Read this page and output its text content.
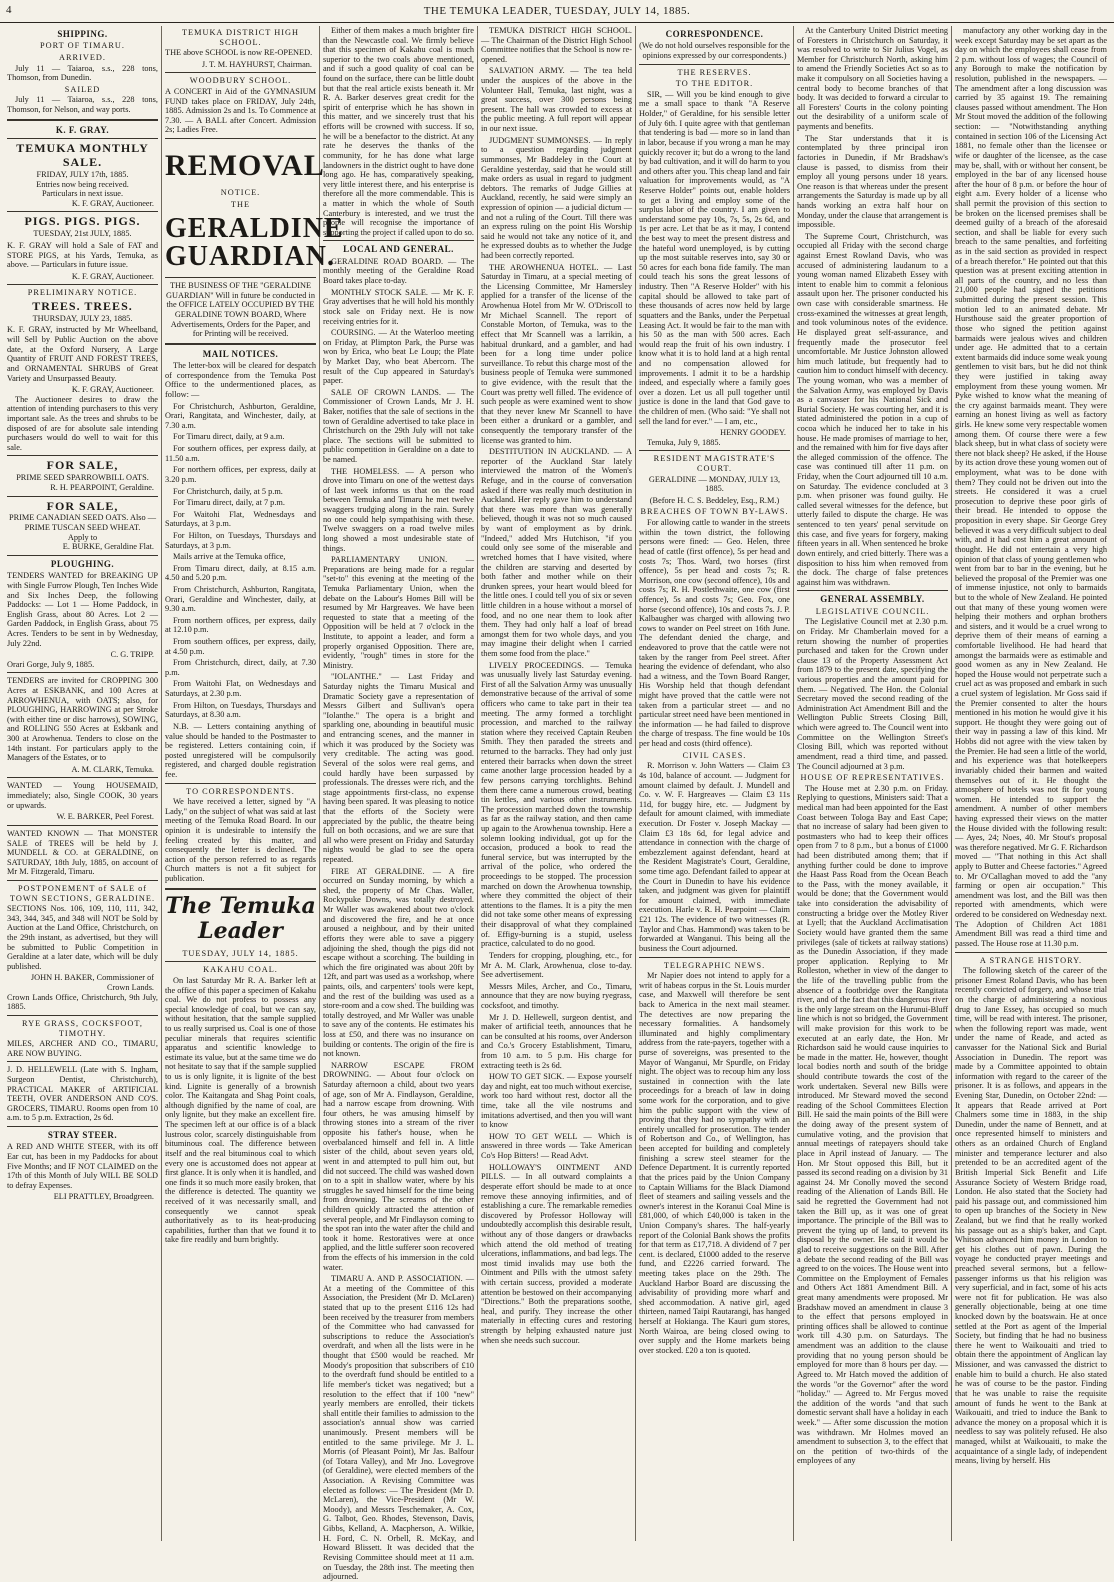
4	THE TEMUKA LEADER, TUESDAY, JULY 14, 1885.
SHIPPING.
PORT OF TIMARU.
ARRIVED.

July 11 — Taiaroa, s.s., 228 tons, Thomson, from Dunedin.

SAILED

July 11 — Taiaroa, s.s., 228 tons, Thomson, for Nelson, and way ports.

K. F. GRAY.
TEMUKA MONTHLY SALE.
FRIDAY, JULY 17th, 1885.
Entries now being received.
Particulars in next issue.
K. F. GRAY, Auctioneer.
PIGS. PIGS. PIGS.
TUESDAY, 21st JULY, 1885.

K. F. GRAY will hold a Sale of FAT and STORE PIGS, at his Yards, Temuka, as above. — Particulars in future issue.

K. F. GRAY, Auctioneer.
PRELIMINARY NOTICE.
TREES. TREES.
THURSDAY, JULY 23, 1885.

K. F. GRAY, instructed by Mr Wheelband, will Sell by Public Auction on the above date, at the Oxford Nursery, A Large Quantity of FRUIT AND FOREST TREES, and ORNAMENTAL SHRUBS of Great Variety and Unsurpassed Beauty.

K. F. GRAY, Auctioneer.

The Auctioneer desires to draw the attention of intending purchasers to this very important sale. As the trees and shrubs to be disposed of are for absolute sale intending purchasers would do well to wait for this sale.

FOR SALE,
PRIME SEED SPARROWBILL OATS.
R. H. PEARPOINT, Geraldine.
FOR SALE,
PRIME CANADIAN SEED OATS. Also — PRIME TUSCAN SEED WHEAT.
Apply to
E. BURKE, Geraldine Flat.
PLOUGHING.

TENDERS WANTED for BREAKING UP with Single Furrow Plough, Ten Inches Wide and Six Inches Deep, the following Paddocks: — Lot 1 — Home Paddock, in English Grass, about 80 Acres. Lot 2 — Garden Paddock, in English Grass, about 75 Acres. Tenders to be sent in by Wednesday, July 22nd.

C. G. TRIPP.

Orari Gorge, July 9, 1885.

TENDERS are invited for CROPPING 300 Acres at ESKBANK, and 100 Acres at ARROWHENUA, with OATS; also, for PLOUGHING, HARROWING at per Stroke (with either tine or disc harrows), SOWING, and ROLLING 550 Acres at Eskbank and 300 at Arowhenua. Tenders to close on the 14th instant. For particulars apply to the Managers of the Estates, or to

A. M. CLARK, Temuka.

WANTED — Young HOUSEMAID, immediately; also, Single COOK, 30 years or upwards.

W. E. BARKER, Peel Forest.

WANTED KNOWN — That MONSTER SALE of TREES will be held by J. MUNDELL & CO. at GERALDINE, on SATURDAY, 18th July, 1885, on account of Mr M. Fitzgerald, Timaru.

POSTPONEMENT of SALE of TOWN SECTIONS, GERALDINE.

SECTIONS Nos. 106, 109, 110, 111, 342, 343, 344, 345, and 348 will NOT be Sold by Auction at the Land Office, Christchurch, on the 29th instant, as advertised, but they will be submitted to Public Competition in Geraldine at a later date, which will be duly published.

JOHN H. BAKER, Commissioner of Crown Lands.

Crown Lands Office, Christchurch, 9th July, 1885.

RYE GRASS, COCKSFOOT, TIMOTHY.

MILES, ARCHER AND CO., TIMARU, ARE NOW BUYING.

J. D. HELLEWELL (Late with S. Ingham, Surgeon Dentist, Christchurch), PRACTICAL MAKER of ARTIFICIAL TEETH, OVER ANDERSON AND CO'S. GROCERS, TIMARU. Rooms open from 10 a.m. to 5 p.m. Extraction, 2s 6d.

STRAY STEER.

A RED AND WHITE STEER, with its off Ear cut, has been in my Paddocks for about Five Months; and IF NOT CLAIMED on the 17th of this Month of July WILL BE SOLD to defray Expenses.

ELI PRATTLEY, Broadgreen.
TEMUKA DISTRICT HIGH SCHOOL.

THE above SCHOOL is now RE-OPENED.

J. T. M. HAYHURST, Chairman.
WOODBURY SCHOOL.

A CONCERT in Aid of the GYMNASIUM FUND takes place on FRIDAY, July 24th, 1885. Admission 2s and 1s. To Commence at 7.30. — A BALL after Concert. Admission 2s; Ladies Free.

REMOVAL
NOTICE.
THE
GERALDINE GUARDIAN.

THE BUSINESS OF THE "GERALDINE GUARDIAN" Will in future be conducted in the OFFICE LATELY OCCUPIED BY THE GERALDINE TOWN BOARD, Where Advertisements, Orders for the Paper, and for Printing will be received.

MAIL NOTICES.

The letter-box will be cleared for despatch of correspondence from the Temuka Post Office to the undermentioned places, as follow: —

For Christchurch, Ashburton, Geraldine, Orari, Rangitata, and Winchester, daily, at 7.30 a.m.

For Timaru direct, daily, at 9 a.m.

For southern offices, per express daily, at 11.50 a.m.

For northern offices, per express, daily at 3.20 p.m.

For Christchurch, daily, at 5 p.m.

For Timaru direct, daily, at 7 p.m.

For Waitohi Flat, Wednesdays and Saturdays, at 3 p.m.

For Hilton, on Tuesdays, Thursdays and Saturdays, at 3 p.m.

Mails arrive at the Temuka office,

From Timaru direct, daily, at 8.15 a.m. 4.50 and 5.20 p.m.

From Christchurch, Ashburton, Rangitata, Orari, Geraldine and Winchester, daily, at 9.30 a.m.

From northern offices, per express, daily at 12.10 p.m.

From southern offices, per express, daily, at 4.50 p.m.

From Christchurch, direct, daily, at 7.30 p.m.

From Waitohi Flat, on Wednesdays and Saturdays, at 2.30 p.m.

From Hilton, on Tuesdays, Thursdays and Saturdays, at 8.30 a.m.

N.B. — Letters containing anything of value should be handed to the Postmaster to be registered. Letters containing coin, if posted unregistered will be compulsorily registered, and charged double registration fee.

TO CORRESPONDENTS.

We have received a letter, signed by "A Lady," on the subject of what was said at last meeting of the Temuka Road Board. In our opinion it is undesirable to intensify the feeling created by this matter, and consequently the letter is declined. The action of the person referred to as regards Church matters is not a fit subject for publication.

The Temuka Leader
TUESDAY, JULY 14, 1885.
KAKAHU COAL.

On last Saturday Mr R. A. Barker left at the office of this paper a specimen of Kakahu coal. We do not profess to possess any special knowledge of coal, but we can say, without hesitation, that the sample supplied to us really surprised us. Coal is one of those peculiar minerals that requires scientific apparatus and scientific knowledge to estimate its value, but at the same time we do not hesitate to say that if the sample supplied to us is only lignite, it is lignite of the best kind. Lignite is generally of a brownish color. The Kaitangata and Shag Point coals, although dignified by the name of coal, are only lignite, but they make an excellent fire. The specimen left at our office is of a black lustrous color, scarcely distinguishable from bituminous coal. The difference between itself and the real bituminous coal to which every one is accustomed does not appear at first glance. It is only when it is handled, and one finds it so much more easily broken, that the difference is detected. The quantity we received of it was necessarily small, and consequently we cannot speak authoritatively as to its heat-producing capabilities, further than that we found it to take fire readily and burn brightly.

Either of them makes a much brighter fire than the Newcastle coal. We firmly believe that this specimen of Kakahu coal is much superior to the two coals above mentioned, and if such a good quality of coal can be found on the surface, there can be little doubt but that the real article exists beneath it. Mr R. A. Barker deserves great credit for the spirit of enterprise which he has shown in this matter, and we sincerely trust that his efforts will be crowned with success. If so, he will be a benefactor to the district. At any rate he deserves the thanks of the community, for he has done what large landowners in the district ought to have done long ago. He has, comparatively speaking, very little interest there, and his enterprise is therefore all the more commendable. This is a matter in which the whole of South Canterbury is interested, and we trust the people will recognise the importance of supporting the project if called upon to do so.

LOCAL AND GENERAL.

GERALDINE ROAD BOARD. — The monthly meeting of the Geraldine Road Board takes place to-day.

MONTHLY STOCK SALE. — Mr K. F. Gray advertises that he will hold his monthly stock sale on Friday next. He is now receiving entries for it.

COURSING. — At the Waterloo meeting on Friday, at Plimpton Park, the Purse was won by Erica, who beat Le Loup; the Plate by Market Day, who beat Abercorn. The result of the Cup appeared in Saturday's paper.

SALE OF CROWN LANDS. — The Commissioner of Crown Lands, Mr J. H. Baker, notifies that the sale of sections in the town of Geraldine advertised to take place in Christchurch on the 29th July will not take place. The sections will be submitted to public competition in Geraldine on a date to be named.

THE HOMELESS. — A person who drove into Timaru on one of the wettest days of last week informs us that on the road between Temuka and Timaru he met twelve swaggers trudging along in the rain. Surely no one could help sympathising with these. Twelve swaggers on a road twelve miles long showed a most undesirable state of things.

PARLIAMENTARY UNION. — Preparations are being made for a regular "set-to" this evening at the meeting of the Temuka Parliamentary Union, when the debate on the Labour's Homes Bill will be resumed by Mr Hargreaves. We have been requested to state that a meeting of the Opposition will be held at 7 o'clock in the Institute, to appoint a leader, and form a properly organised Opposition. There are, evidently, "rough" times in store for the Ministry.

"IOLANTHE." — Last Friday and Saturday nights the Timaru Musical and Dramatic Society gave a representation of Messrs Gilbert and Sullivan's opera "Iolanthe." The opera is a bright and sparkling one, abounding in beautiful music and entrancing scenes, and the manner in which it was produced by the Society was very creditable. The acting was good. Several of the solos were real gems, and could hardly have been surpassed by professionals. The dresses were rich, and the stage appointments first-class, no expense having been spared. It was pleasing to notice that the efforts of the Society were appreciated by the public, the theatre being full on both occasions, and we are sure that all who were present on Friday and Saturday nights would be glad to see the opera repeated.

FIRE AT GERALDINE. — A fire occurred on Sunday morning, by which a shed, the property of Mr Chas. Waller, Rockypuke Downs, was totally destroyed. Mr Waller was awakened about two o'clock and discovered the fire, and he at once aroused a neighbour, and by their united efforts they were able to save a piggery adjoining the shed, though the pigs did not escape without a scorching. The building in which the fire originated was about 20ft by 12ft, and part was used as a workshop, where paints, oils, and carpenters' tools were kept, and the rest of the building was used as a store-room and a cow shed. The building was totally destroyed, and Mr Waller was unable to save any of the contents. He estimates his loss at £50, and there was no insurance on building or contents. The origin of the fire is not known.

NARROW ESCAPE FROM DROWNING. — About four o'clock on Saturday afternoon a child, about two years of age, son of Mr A. Findlayson, Geraldine, had a narrow escape from drowning. With four others, he was amusing himself by throwing stones into a stream of the river opposite his father's house, when he overbalanced himself and fell in. A little sister of the child, about seven years old, went in and attempted to pull him out, but did not succeed. The child was washed down on to a spit in shallow water, where by his struggles he saved himself for the time being from drowning. The screams of the other children quickly attracted the attention of several people, and Mr Findlayson coming to the spot ran into the water after the child and took it home. Restoratives were at once applied, and the little sufferer soon recovered from the effects of his immersion in the cold water.

TIMARU A. AND P. ASSOCIATION. — At a meeting of the Committee of this Association, the President (Mr D. McLaren) stated that up to the present £116 12s had been received by the treasurer from members of the Committee who had canvassed for subscriptions to reduce the Association's overdraft, and when all the lists were in he thought that £500 would be reached. Mr Moody's proposition that subscribers of £10 to the overdraft fund should be entitled to a life member's ticket was negatived; but a resolution to the effect that if 100 "new" yearly members are enrolled, their tickets shall entitle their families to admission to the association's annual show was carried unanimously. Present members will be entitled to the same privilege. Mr J. L. Morris (of Pleasant Point), Mr Jas. Balfour (of Totara Valley), and Mr Jno. Lovegrove (of Geraldine), were elected members of the Association. A Revising Committee was elected as follows: — The President (Mr D. McLaren), the Vice-President (Mr W. Moody), and Messrs Teschemaker, A. Cox, G. Talbot, Geo. Rhodes, Stevenson, Davis, Gibbs, Kelland, A. Macpherson, A. Wilkie, H. Ford, C. N. Orbell, R. McKay, and Howard Blissett. It was decided that the Revising Committee should meet at 11 a.m. on Tuesday, the 28th inst. The meeting then adjourned.

TEMUKA DISTRICT HIGH SCHOOL. — The Chairman of the District High School Committee notifies that the School is now re-opened.

SALVATION ARMY. — The tea held under the auspices of the above in the Volunteer Hall, Temuka, last night, was a great success, over 300 persons being present. The hall was crowded to excess at the public meeting. A full report will appear in our next issue.

JUDGMENT SUMMONSES. — In reply to a question regarding judgment summonses, Mr Baddeley in the Court at Geraldine yesterday, said that he would still make orders as usual in regard to judgment debtors. The remarks of Judge Gillies at Auckland, recently, he said were simply an expression of opinion — a judicial dictum — and not a ruling of the Court. Till there was an express ruling on the point His Worship said he would not take any notice of it, and he expressed doubts as to whether the Judge had been correctly reported.

THE AROWHENUA HOTEL. — Last Saturday in Timaru, at a special meeting of the Licensing Committee, Mr Hamersley applied for a transfer of the license of the Arowhenua Hotel from Mr W. O'Driscoll to Mr Michael Scannell. The report of Constable Morton, of Temuka, was to the effect that Mr Scannell was a larrikin, a habitual drunkard, and a gambler, and had been for a long time under police surveillance. To rebut this charge most of the business people of Temuka were summoned to give evidence, with the result that the Court was pretty well filled. The evidence of such people as were examined went to show that they never knew Mr Scannell to have been either a drunkard or a gambler, and consequently the temporary transfer of the license was granted to him.

DESTITUTION IN AUCKLAND. — A reporter of the Auckland Star lately interviewed the matron of the Women's Refuge, and in the course of conversation asked if there was really much destitution in Auckland. Her reply gave him to understand that there was more than was generally believed, though it was not so much caused by want of employment as by drink. "Indeed," added Mrs Hutchison, "if you could only see some of the miserable and wretched homes that I have visited, where the children are starving and deserted by both father and mother while on their drunken sprees, your heart would bleed for the little ones. I could tell you of six or seven little children in a house without a morsel of food, and no one near them to look after them. They had only half a loaf of bread amongst them for two whole days, and you may imagine their delight when I carried them some food from the place."

LIVELY PROCEEDINGS. — Temuka was unusually lively last Saturday evening. First of all the Salvation Army was unusually demonstrative because of the arrival of some officers who came to take part in their tea meeting. The army formed a torchlight procession, and marched to the railway station where they received Captain Reuben Smith. They then paraded the streets and returned to the barracks. They had only just entered their barracks when down the street came another large procession headed by a few persons carrying torchlights. Behind them there came a numerous crowd, beating tin kettles, and various other instruments. The procession marched down the township as far as the railway station, and then came up again to the Arowhenua township. Here a solemn looking individual, got up for the occasion, produced a book to read the funeral service, but was interrupted by the arrival of the police, who ordered the proceedings to be stopped. The procession marched on down the Arowhenua township, where they committed the object of their attentions to the flames. It is a pity the men did not take some other means of expressing their disapproval of what they complained of. Effigy-burning is a stupid, useless practice, calculated to do no good.

Tenders for cropping, ploughing, etc., for Mr A. M. Clark, Arowhenua, close to-day. See advertisement.

Messrs Miles, Archer, and Co., Timaru, announce that they are now buying ryegrass, cocksfoot, and timothy.

Mr J. D. Hellewell, surgeon dentist, and maker of artificial teeth, announces that he can be consulted at his rooms, over Anderson and Co.'s Grocery Establishment, Timaru, from 10 a.m. to 5 p.m. His charge for extracting teeth is 2s 6d.

HOW TO GET SICK. — Expose yourself day and night, eat too much without exercise, work too hard without rest, doctor all the time, take all the vile nostrums and imitations advertised, and then you will want to know

HOW TO GET WELL — Which is answered in three words — Take American Co's Hop Bitters! — Read Advt.

HOLLOWAY'S OINTMENT AND PILLS. — In all outward complaints a desperate effort should be made to at once remove these annoying infirmities, and of establishing a cure. The remarkable remedies discovered by Professor Holloway will undoubtedly accomplish this desirable result, without any of those dangers or drawbacks which attend the old method of treating ulcerations, inflammations, and bad legs. The most timid invalids may use both the Ointment and Pills with the utmost safety with certain success, provided a moderate attention be bestowed on their accompanying "Directions." Both the preparations soothe, heal, and purify. They increase the other materially in effecting cures and restoring strength by helping exhausted nature just when she needs such succour.

CORRESPONDENCE.

(We do not hold ourselves responsible for the opinions expressed by our correspondents.)

THE RESERVES.
TO THE EDITOR.

SIR, — Will you be kind enough to give me a small space to thank "A Reserve Holder," of Geraldine, for his sensible letter of July 6th. I quite agree with that gentleman that tendering is bad — more so in land than in labor, because if you wrong a man he may quickly recover it; but do a wrong to the land by bad cultivation, and it will do harm to you and others after you. This cheap land and fair valuation for improvements would, as "A Reserve Holder" points out, enable holders to get a living and employ some of the surplus labor of the country. I am given to understand some pay 10s, 7s, 5s, 2s 6d, and 1s per acre. Let that be as it may, I contend the best way to meet the present distress and the hateful word unemployed, is by cutting up the most suitable reserves into, say 30 or 50 acres for each bona fide family. The man could teach his sons the great lessons of industry. Then "A Reserve Holder" with his capital should be allowed to take part of these thousands of acres now held by large squatters and the Banks, under the Perpetual Leasing Act. It would be fair to the man with his 50 as the man with 500 acres. Each would reap the fruit of his own industry. I know what it is to hold land at a high rental and no compensation allowed for improvements. I admit it to be a hardship indeed, and especially where a family goes over a dozen. Let us all pull together until justice is done in the land that God gave to the children of men. (Who said: "Ye shall not sell the land for ever." — I am, etc.,

HENRY GOODEY.

Temuka, July 9, 1885.

RESIDENT MAGISTRATE'S COURT.

GERALDINE — MONDAY, JULY 13, 1885.

(Before H. C. S. Beddeley, Esq., R.M.)

BREACHES OF TOWN BY-LAWS.

For allowing cattle to wander in the streets within the town district, the following persons were fined: — Geo. Helen, three head of cattle (first offence), 5s per head and costs 7s; Thos. Ward, two horses (first offence), 5s per head and costs 7s; R. Morrison, one cow (second offence), 10s and costs 7s; R. H. Postlethwaite, one cow (first offence), 5s and costs 7s; Geo. Fox, one horse (second offence), 10s and costs 7s. J. P. Kalbaugher was charged with allowing two cows to wander on Peel street on 16th June. The defendant denied the charge, and endeavored to prove that the cattle were not taken by the ranger from Peel street. After hearing the evidence of defendant, who also had a witness, and the Town Board Ranger, His Worship held that though defendant might have proved that the cattle were not taken from a particular street — and no particular street need have been mentioned in the information — he had failed to disprove the charge of trespass. The fine would be 10s per head and costs (third offence).

CIVIL CASES.

R. Morrison v. John Watters — Claim £3 4s 10d, balance of account. — Judgment for amount claimed by default. J. Mundell and Co. v. W. F. Hargreaves — Claim £3 11s 11d, for buggy hire, etc. — Judgment by default for amount claimed, with immediate execution. Dr Foster v. Joseph Mackay — Claim £3 18s 6d, for legal advice and attendance in connection with the charge of embezzlement against defendant, heard at the Resident Magistrate's Court, Geraldine, some time ago. Defendant failed to appear at the Court in Dunedin to have his evidence taken, and judgment was given for plaintiff for amount claimed, with immediate execution. Harle v. R. H. Pearpoint — Claim £21 12s. The evidence of two witnesses (R. Taylor and Chas. Hammond) was taken to be forwarded at Wanganui. This being all the business the Court adjourned.

TELEGRAPHIC NEWS.

Mr Napier does not intend to apply for a writ of habeas corpus in the St. Louis murder case, and Maxwell will therefore be sent back to America in the next mail steamer. The detectives are now preparing the necessary formalities. A handsomely illuminated and highly complimentary address from the rate-payers, together with a purse of sovereigns, was presented to the Mayor of Wanganui, Mr Spurdle, on Friday night. The object was to recoup him any loss sustained in connection with the late proceedings for a breach of law in doing some work for the corporation, and to give him the public support with the view of proving that they had no sympathy with an entirely uncalled for prosecution. The tender of Robertson and Co., of Wellington, has been accepted for building and completely finishing a screw steel steamer for the Defence Department. It is currently reported that the prices paid by the Union Company to Captain Williams for the Black Diamond fleet of steamers and sailing vessels and the owner's interest in the Koranui Coal Mine is £81,000, of which £40,000 is taken in the Union Company's shares. The half-yearly report of the Colonial Bank shows the profits for that term as £17,718. A dividend of 7 per cent. is declared, £1000 added to the reserve fund, and £2226 carried forward. The meeting takes place on the 29th. The Auckland Harbor Board are discussing the advisability of providing more wharf and shed accommodation. A native girl, aged thirteen, named Taipi Rautarangi, has hanged herself at Hokianga. The Kauri gum stores, North Wairoa, are being closed owing to over supply and the Home markets being over stocked. £20 a ton is quoted.

At the Canterbury United District meeting of Foresters in Christchurch on Saturday, it was resolved to write to Sir Julius Vogel, as Member for Christchurch North, asking him to amend the Friendly Societies Act so as to make it compulsory on all Societies having a central body to become branches of that body. It was decided to forward a circular to all Foresters' Courts in the colony pointing out the desirability of a uniform scale of payments and benefits.

The Star understands that it is contemplated by three principal iron factories in Dunedin, if Mr Bradshaw's clause is passed, to dismiss from their employ all young persons under 18 years. One reason is that whereas under the present arrangements the Saturday is made up by all hands working an extra half hour on Monday, under the clause that arrangement is impossible.

The Supreme Court, Christchurch, was occupied all Friday with the second charge against Ernest Rowland Davis, who was accused of administering laudanum to a young woman named Elizabeth Essey with intent to enable him to commit a felonious assault upon her. The prisoner conducted his own case with considerable smartness. He cross-examined the witnesses at great length, and took voluminous notes of the evidence. He displayed great self-assurance, and frequently made the prosecutor feel uncomfortable. Mr Justice Johnston allowed him much latitude, but frequently had to caution him to conduct himself with decency. The young woman, who was a member of the Salvation Army, was employed by Davis as a canvasser for his National Sick and Burial Society. He was courting her, and it is stated administered the potion in a cup of cocoa which he induced her to take in his house. He made promises of marriage to her, and the remained with him for five days after the alleged commission of the offence. The case was continued till after 11 p.m. on Friday, when the Court adjourned till 10 a.m. on Saturday. The evidence concluded at 3 p.m. when prisoner was found guilty. He called several witnesses for the defence, but utterly failed to dispute the charge. He was sentenced to ten years' penal servitude on this case, and five years for forgery, making fifteen years in all. When sentenced he broke down entirely, and cried bitterly. There was a disposition to hiss him when removed from the dock. The charge of false pretences against him was withdrawn.

GENERAL ASSEMBLY.
LEGISLATIVE COUNCIL.

The Legislative Council met at 2.30 p.m. on Friday. Mr Chamberlain moved for a return showing the number of properties purchased and taken for the Crown under clause 13 of the Property Assessment Act from 1879 to the present date, specifying the various properties and the amount paid for them. — Negatived. The Hon. the Colonial Secretary moved the second reading of the Administration Act Amendment Bill and the Wellington Public Streets Closing Bill, which were agreed to. The Council went into Committee on the Wellington Street's Closing Bill, which was reported without amendment, read a third time, and passed. The Council adjourned at 3 p.m.

HOUSE OF REPRESENTATIVES.

The House met at 2.30 p.m. on Friday. Replying to questions, Ministers said: That a medical man had been appointed for the East Coast between Tologa Bay and East Cape; that no increase of salary had been given to postmasters who had to keep their offices open from 7 to 8 p.m., but a bonus of £1000 had been distributed among them; that if anything further could be done to improve the Haast Pass Road from the Ocean Beach to the Pass, with the money available, it would be done; that the Government would take into consideration the advisability of constructing a bridge over the Motley River at Lyell; that the Auckland Acclimatisation Society would have granted them the same privileges (sale of tickets at railway stations) as the Dunedin Association, if they made proper application. Replying to Mr Rolleston, whether in view of the danger to the life of the travelling public from the absence of a footbridge over the Rangitata river, and of the fact that this dangerous river is the only large stream on the Hurunui-Bluff line which is not so bridged, the Government will make provision for this work to be executed at an early date, the Hon. Mr Richardson said he would cause inquiries to be made in the matter. He, however, thought local bodies north and south of the bridge should contribute towards the cost of the work undertaken. Several new Bills were introduced. Mr Steward moved the second reading of the School Committees Election Bill. He said the main points of the Bill were the doing away of the present system of cumulative voting, and the provision that annual meetings of ratepayers should take place in April instead of January. — The Hon. Mr Stout opposed this Bill, but it passed its second reading on a division by 31 against 24. Mr Conolly moved the second reading of the Alienation of Lands Bill. He said he regretted the Government had not taken the Bill up, as it was one of great importance. The principle of the Bill was to prevent the tying up of land, to prevent its disposal by the owner. He said it would be glad to receive suggestions on the Bill. After a debate the second reading of the Bill was agreed to on the voices. The House went into Committee on the Employment of Females and Others Act 1881 Amendment Bill. A great many amendments were proposed. Mr Bradshaw moved an amendment in clause 3 to the effect that persons employed in printing offices shall be allowed to continue work till 4.30 p.m. on Saturdays. The amendment was an addition to the clause providing that no young person should be employed for more than 8 hours per day. — Agreed to. Mr Hatch moved the addition of the words "or the Governor" after the word "holiday." — Agreed to. Mr Fergus moved the addition of the words "and that such domestic servant shall have a holiday in each week." — After some discussion the motion was withdrawn. Mr Holmes moved an amendment to subsection 3, to the effect that on the petition of two-thirds of the employees of any

manufactory any other working day in the week except Saturday may be set apart as the day on which the employees shall cease from 2 p.m. without loss of wages; the Council of any Borough to make the notification by resolution, published in the newspapers. — The amendment after a long discussion was carried by 35 against 19. The remaining clauses passed without amendment. The Hon Mr Stout moved the addition of the following section: — "Notwithstanding anything contained in section 106 of the Licensing Act 1881, no female other than the licensee or wife or daughter of the licensee, as the case may be, shall, with or without her consent, be employed in the bar of any licensed house after the hour of 8 p.m. or before the hour of eight a.m. Every holder of a license who shall permit the provision of this section to be broken on the licensed premises shall be deemed guilty of a breach of the aforesaid section, and shall be liable for every such breach to the same penalties, and forfeiting as in the said section as provided in respect of a breach therefor." He pointed out that this question was at present exciting attention in all parts of the country, and no less than 21,000 people had signed the petitions submitted during the present session. This motion led to an animated debate. Mr Hursthouse said the greater proportion of those who signed the petition against barmaids were jealous wives and children under age. He admitted that to a certain extent barmaids did induce some weak young gentlemen to visit bars, but he did not think they were justified in taking away employment from these young women. Mr Pyke wished to know what the meaning of the cry against barmaids meant. They were earning an honest living as well as factory girls. He knew some very respectable women among them. Of course there were a few black sheep, but in what class of society were there not black sheep? He asked, if the House by its action drove these young women out of employment, what was to be done with them? They could not be driven out into the streets. He considered it was a cruel prosecution to deprive these poor girls of their bread. He intended to oppose the proposition in every shape. Sir George Grey believed it was a very difficult subject to deal with, and it had cost him a great amount of thought. He did not entertain a very high opinion of that class of young gentlemen who went from bar to bar in the evening, but he believed the proposal of the Premier was one of immense injustice, not only to barmaids but to the whole of New Zealand. He pointed out that many of these young women were helping their mothers and orphan brothers and sisters, and it would be a cruel wrong to deprive them of their means of earning a comfortable livelihood. He had heard that amongst the barmaids were as estimable and good women as any in New Zealand. He hoped the House would not perpetrate such a cruel act as was proposed and embark in such a cruel system of legislation. Mr Goss said if the Premier consented to alter the hours mentioned in his motion he would give it his support. He thought they were going out of their way in passing a law of this kind. Mr Hobbs did not agree with the view taken by the Premier. He had seen a little of the world, and his experience was that hotelkeepers invariably chided their barmen and waited themselves out of it. He thought the atmosphere of hotels was not fit for young women. He intended to support the amendment. A number of other members having expressed their views on the matter the House divided with the following result: — Ayes, 24; Noes, 40. Mr Stout's proposal was therefore negatived. Mr G. F. Richardson moved — "That nothing in this Act shall apply to Butter and Cheese factories." Agreed to. Mr O'Callaghan moved to add the "any farming or open air occupation." This amendment was lost, and the Bill was then reported with amendments, which were ordered to be considered on Wednesday next. The Adoption of Children Act 1881 Amendment Bill was read a third time and passed. The House rose at 11.30 p.m.

A STRANGE HISTORY.

The following sketch of the career of the prisoner Ernest Roland Davis, who has been recently convicted of forgery, and whose trial on the charge of administering a noxious drug to Jane Essey, has occupied so much time, will be read with interest. The prisoner, when the following report was made, went under the name of Reade, and acted as canvasser for the National Sick and Burial Association in Dunedin. The report was made by a Committee appointed to obtain information with regard to the career of the prisoner. It is as follows, and appears in the Evening Star, Dunedin, on October 22nd: — It appears that Reade arrived at Port Chalmers some time in 1883, in the ship Dunedin, under the name of Bennett, and at once represented himself to ministers and others as an ordained Church of England minister and temperance lecturer and also pretended to be an accredited agent of the British Imperial Sick Benefit and Life Assurance Society of Western Bridge road, London. He also stated that the Society had paid his passage out, and commissioned him to open up branches of the Society in New Zealand, but we find that he really worked his passage out as a ship's baker, and Capt. Whitson advanced him money in London to get his clothes out of pawn. During the voyage he conducted prayer meetings and preached several sermons, but a fellow-passenger informs us that his religion was very superficial, and in fact, some of his acts were not fit for publication. He was also generally objectionable, being at one time knocked down by the boatswain. He at once settled at the Port as agent of the Imperial Society, but finding that he had no business there he went to Waikouaiti and tried to obtain there the appointment of Anglican lay Missioner, and was canvassed the district to enable him to build a church. He also stated he was of course to be the pastor. Finding that he was unable to raise the requisite amount of funds he went to the Bank at Waikouaiti, and tried to induce the Bank to advance the money on a proposal which it is needless to say was politely refused. He also managed, whilst at Waikouaiti, to make the acquaintance of a single lady, of independent means, living by herself. His
